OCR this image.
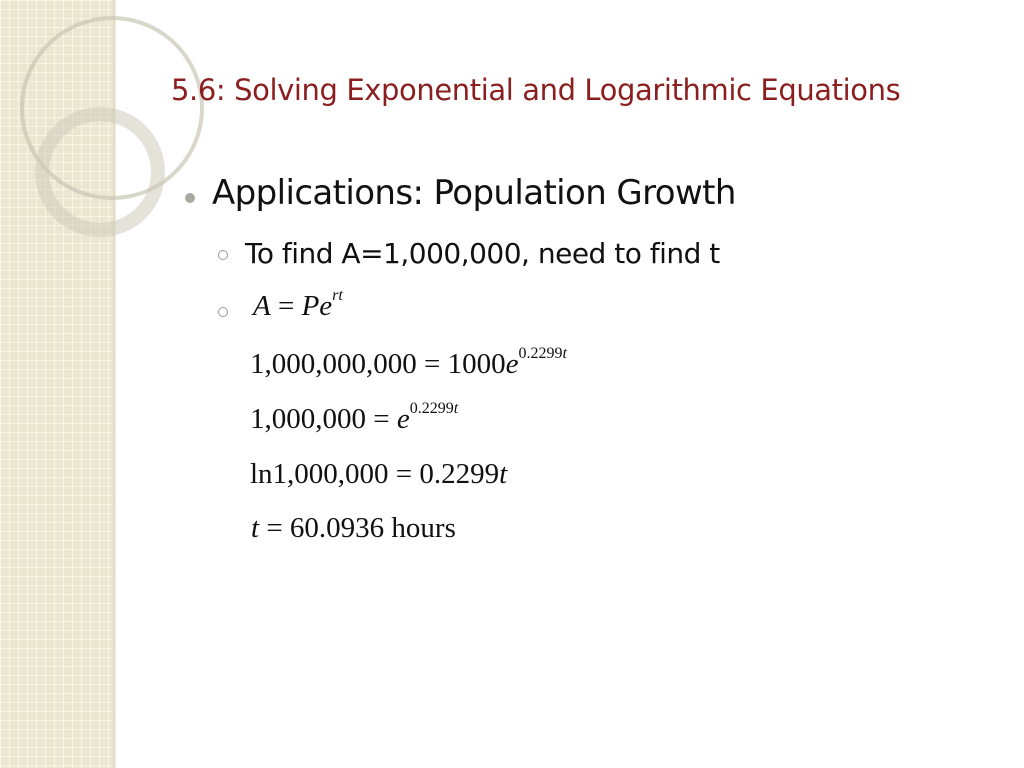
5.6: Solving Exponential and Logarithmic Equations
Applications: Population Growth
To find A=1,000,000, need to find t
$A = Pe^{rt}$
$1,000,000,000 = 1000e^{0.2299t}$
$1,000,000 = e^{0.2299t}$
ln1,000,000 = 0.2299t
t = 60.0936 hours
